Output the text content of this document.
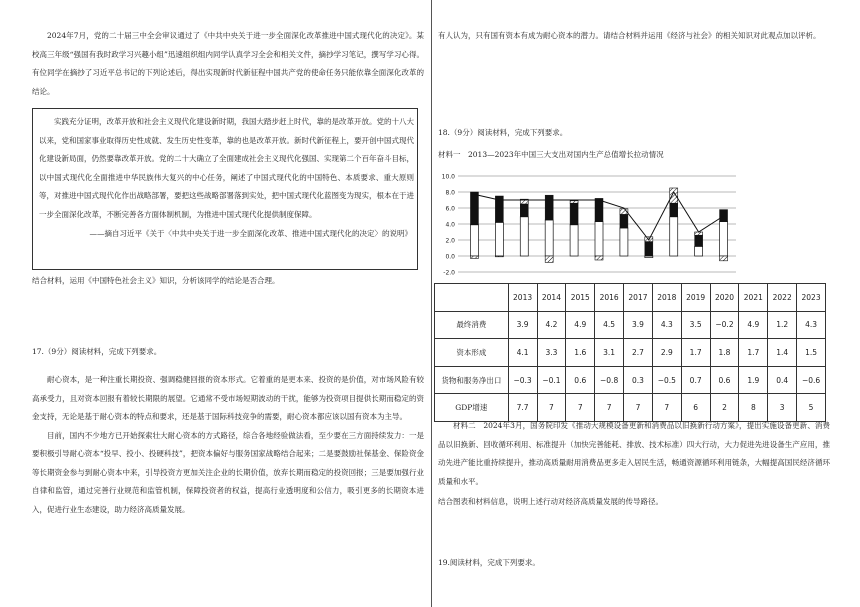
2024年7月，党的二十届三中全会审议通过了《中共中央关于进一步全面深化改革推进中国式现代化的决定》。某校高三年级“强国有我时政学习兴趣小组”迅速组织组内同学认真学习全会和相关文件，摘抄学习笔记，撰写学习心得。有位同学在摘抄了习近平总书记的下列论述后，得出实现新时代新征程中国共产党的使命任务只能依靠全面深化改革的结论。

实践充分证明，改革开放和社会主义现代化建设新时期，我国大踏步赶上时代，靠的是改革开放。党的十八大以来，党和国家事业取得历史性成就、发生历史性变革，靠的也是改革开放。新时代新征程上，要开创中国式现代化建设新局面，仍然要靠改革开放。党的二十大确立了全面建成社会主义现代化强国、实现第二个百年奋斗目标，以中国式现代化全面推进中华民族伟大复兴的中心任务，阐述了中国式现代化的中国特色、本质要求、重大原则等，对推进中国式现代化作出战略部署，要把这些战略部署落到实处，把中国式现代化蓝图变为现实，根本在于进一步全面深化改革，不断完善各方面体制机制，为推进中国式现代化提供制度保障。

——摘自习近平《关于〈中共中央关于进一步全面深化改革、推进中国式现代化的决定〉的说明》

结合材料，运用《中国特色社会主义》知识，分析该同学的结论是否合理。

17.（9分）阅读材料，完成下列要求。

耐心资本，是一种注重长期投资、强调稳健回报的资本形式。它着重的是更本来、投资的是价值，对市场风险有较高承受力，且对资本回报有着较长期限的展望。它通常不受市场短期波动的干扰，能够为投资项目提供长期而稳定的资金支持，无论是基于耐心资本的特点和要求，还是基于国际科技竞争的需要，耐心资本都应该以国有资本为主导。

目前，国内不少地方已开始探索壮大耐心资本的方式路径，综合各地经验做法看，至少要在三方面持续发力：一是要积极引导耐心资本“投早、投小、投硬科技”，把资本偏好与服务国家战略结合起来；二是要鼓励社保基金、保险资金等长期资金参与到耐心资本中来，引导投资方更加关注企业的长期价值，放弃长期而稳定的投资回报；三是要加强行业自律和监管，通过完善行业规范和监管机制，保障投资者的权益，提高行业透明度和公信力，吸引更多的长期资本进入，促进行业生态建设，助力经济高质量发展。

有人认为，只有国有资本有成为耐心资本的潜力。请结合材料并运用《经济与社会》的相关知识对此观点加以评析。

18.（9分）阅读材料，完成下列要求。

材料一　2013—2023年中国三大支出对国内生产总值增长拉动情况

10.0
8.0
6.0
4.0
2.0
0.0
-2.0
	2013	2014	2015	2016	2017	2018	2019	2020	2021	2022	2023
最终消费	3.9	4.2	4.9	4.5	3.9	4.3	3.5	−0.2	4.9	1.2	4.3
资本形成	4.1	3.3	1.6	3.1	2.7	2.9	1.7	1.8	1.7	1.4	1.5
货物和服务净出口	−0.3	−0.1	0.6	−0.8	0.3	−0.5	0.7	0.6	1.9	0.4	−0.6
GDP增速	7.7	7	7	7	7	7	6	2	8	3	5

材料二　2024年3月，国务院印发《推动大规模设备更新和消费品以旧换新行动方案》，提出实施设备更新、消费品以旧换新、回收循环利用、标准提升（加快完善能耗、排放、技术标准）四大行动，大力促进先进设备生产应用，推动先进产能比重持续提升，推动高质量耐用消费品更多走入居民生活，畅通资源循环利用链条，大幅提高国民经济循环质量和水平。

结合图表和材料信息，说明上述行动对经济高质量发展的传导路径。

19.阅读材料，完成下列要求。
